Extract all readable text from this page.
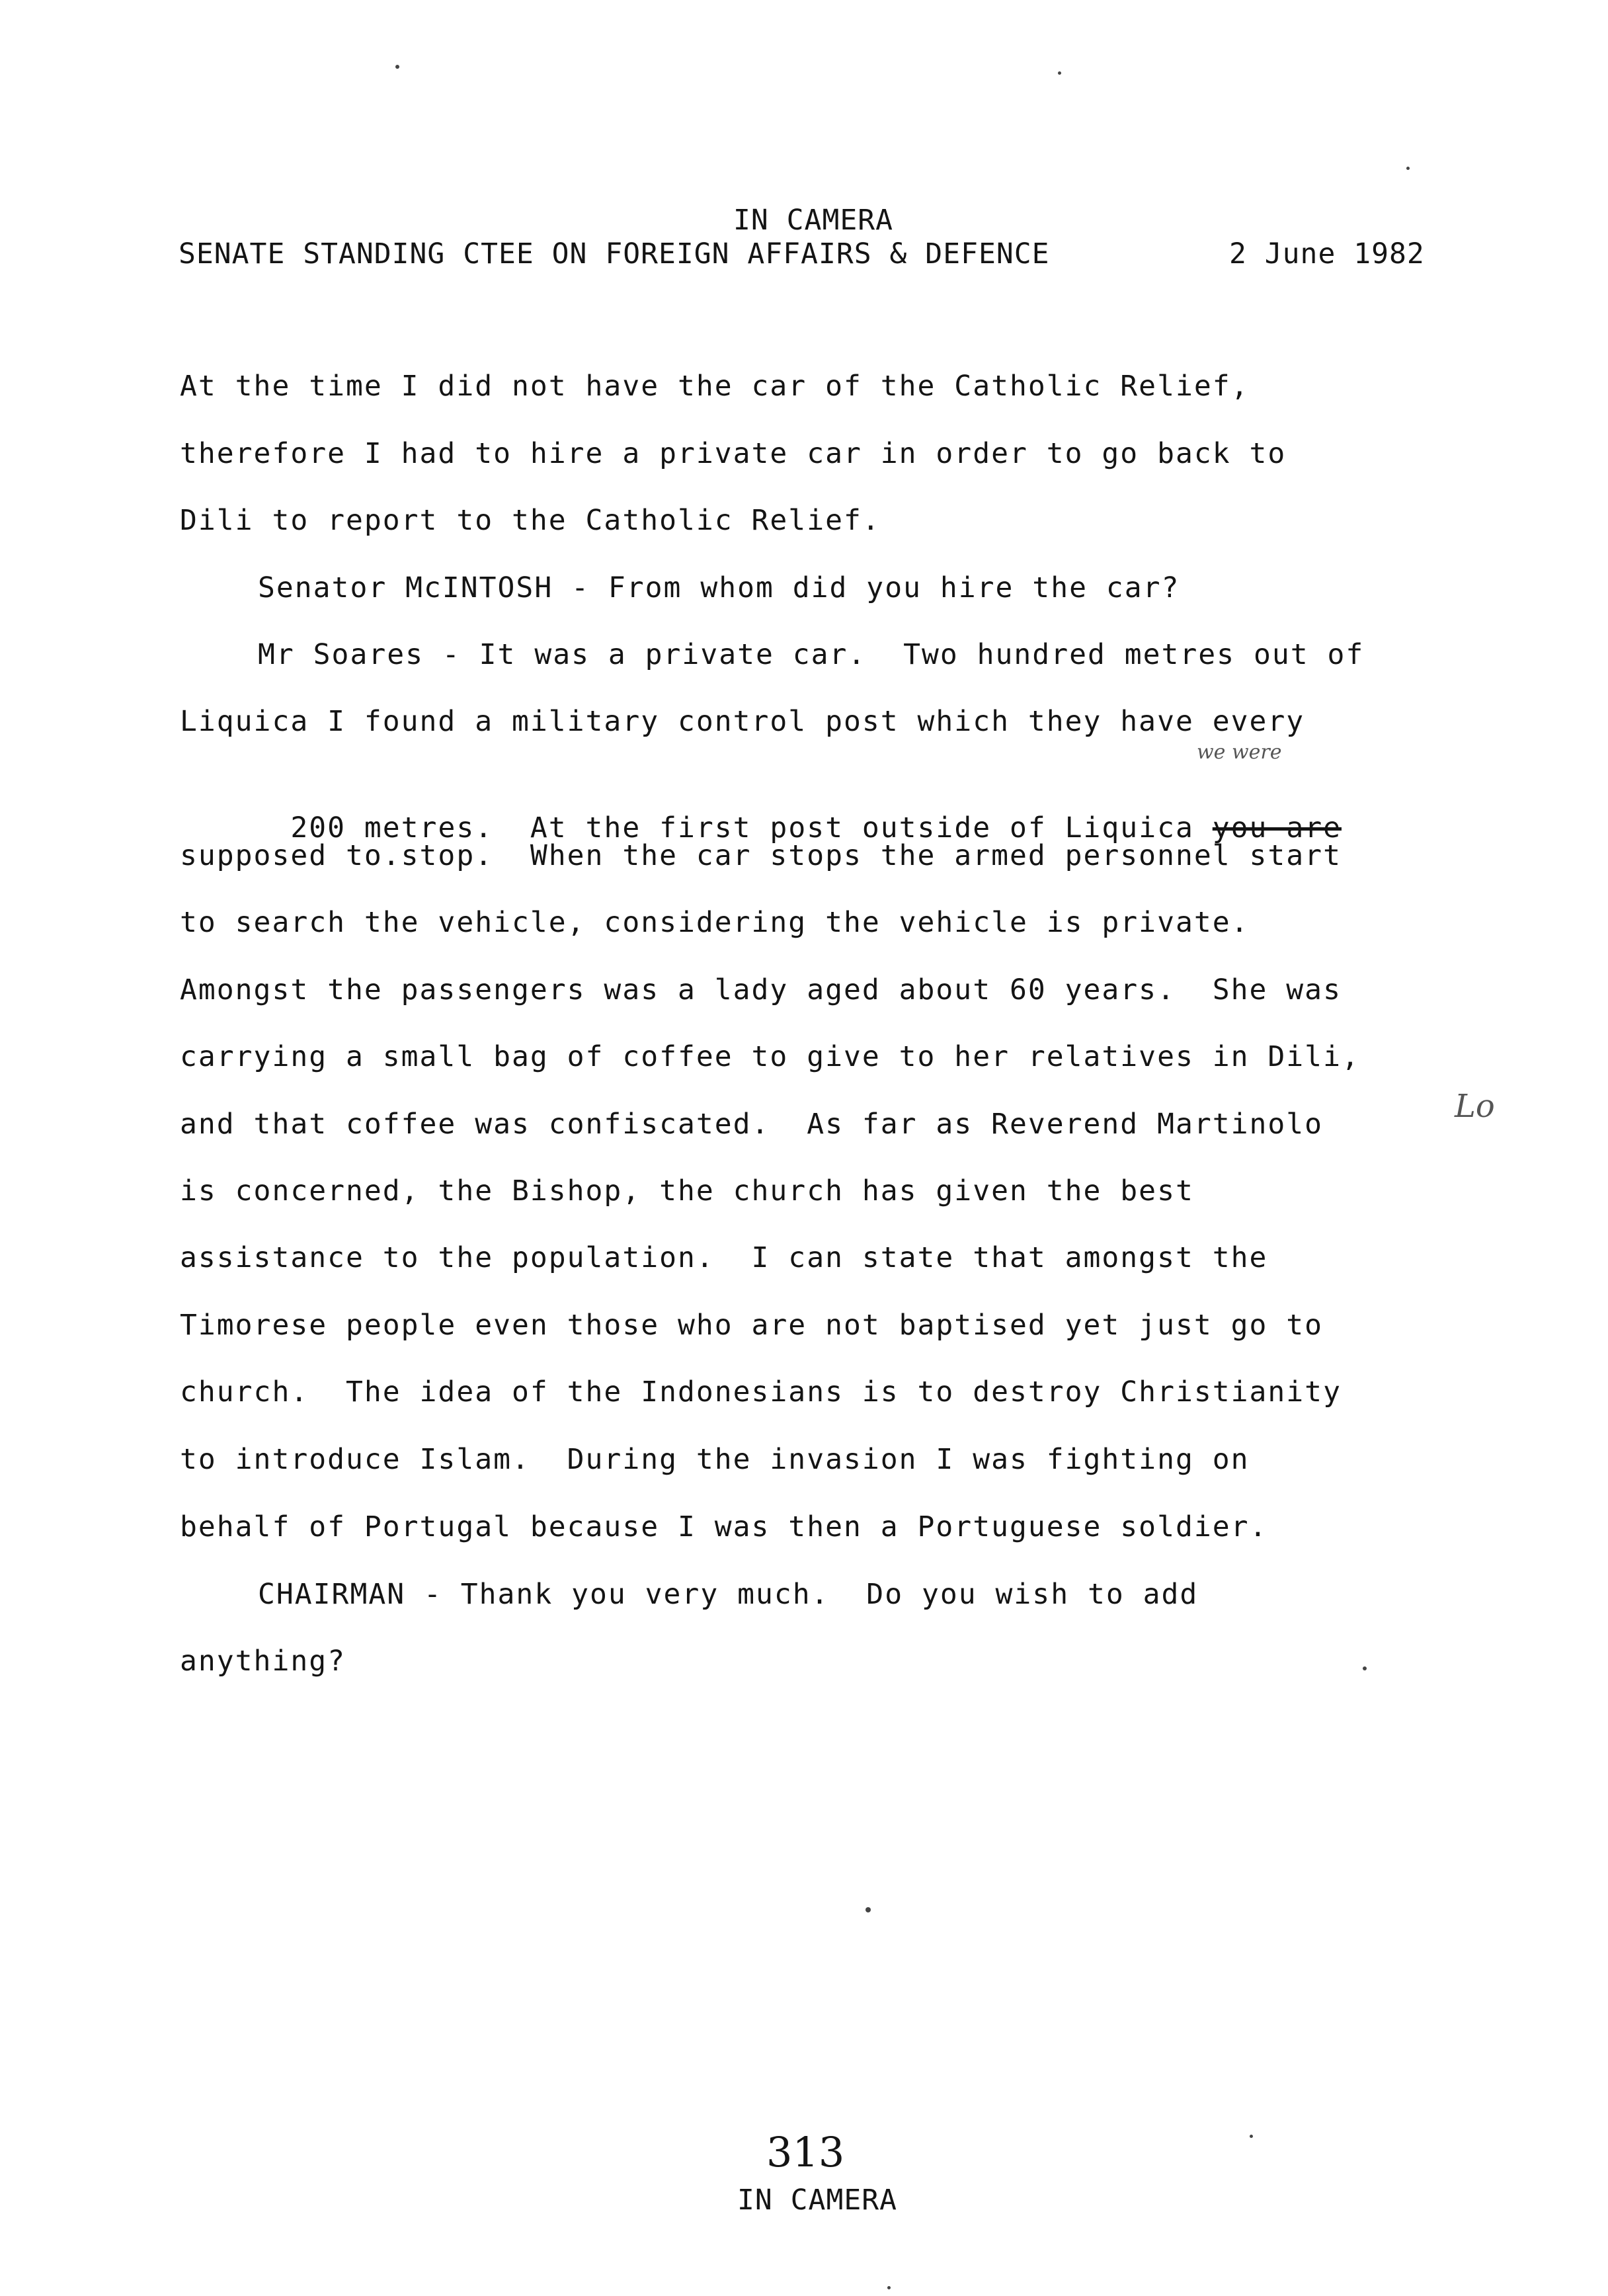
IN CAMERA
SENATE STANDING CTEE ON FOREIGN AFFAIRS & DEFENCE	2 June 1982
At the time I did not have the car of the Catholic Relief,
therefore I had to hire a private car in order to go back to
Dili to report to the Catholic Relief.
Senator McINTOSH - From whom did you hire the car?
Mr Soares - It was a private car.  Two hundred metres out of
Liquica I found a military control post which they have every

200 metres.  At the first post outside of Liquica you are

supposed to.stop.  When the car stops the armed personnel start
to search the vehicle, considering the vehicle is private.
Amongst the passengers was a lady aged about 60 years.  She was
carrying a small bag of coffee to give to her relatives in Dili,
and that coffee was confiscated.  As far as Reverend Martinolo
is concerned, the Bishop, the church has given the best
assistance to the population.  I can state that amongst the
Timorese people even those who are not baptised yet just go to
church.  The idea of the Indonesians is to destroy Christianity
to introduce Islam.  During the invasion I was fighting on
behalf of Portugal because I was then a Portuguese soldier.
CHAIRMAN - Thank you very much.  Do you wish to add
anything?
we were
Lo
313
IN CAMERA
